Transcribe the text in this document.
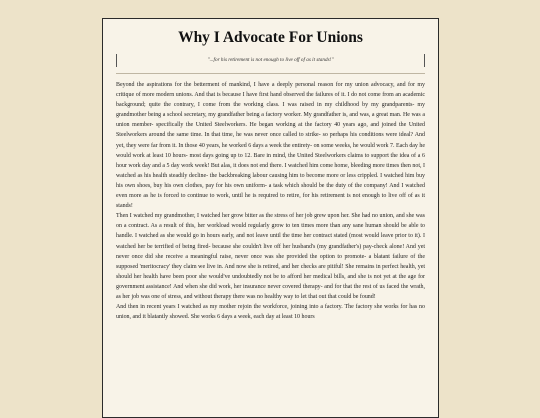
Why I Advocate For Unions
"...for his retirement is not enough to live off of as it stands!"

Beyond the aspirations for the betterment of mankind, I have a deeply personal reason for my union advocacy, and for my critique of more modern unions. And that is because I have first hand observed the failures of it. I do not come from an academic background; quite the contrary, I come from the working class. I was raised in my childhood by my grandparents- my grandmother being a school secretary, my grandfather being a factory worker. My grandfather is, and was, a great man. He was a union member- specifically the United Steelworkers. He began working at the factory 40 years ago, and joined the United Steelworkers around the same time. In that time, he was never once called to strike- so perhaps his conditions were ideal? And yet, they were far from it. In those 40 years, he worked 6 days a week the entirety- on some weeks, he would work 7. Each day he would work at least 10 hours- most days going up to 12. Bare in mind, the United Steelworkers claims to support the idea of a 6 hour work day and a 5 day work week! But alas, it does not end there. I watched him come home, bleeding more times then not, I watched as his health steadily decline- the backbreaking labour causing him to become more or less crippled. I watched him buy his own shoes, buy his own clothes, pay for his own uniform- a task which should be the duty of the company! And I watched even more as he is forced to continue to work, until he is required to retire, for his retirement is not enough to live off of as it stands!

Then I watched my grandmother, I watched her grow bitter as the stress of her job grew upon her. She had no union, and she was on a contract. As a result of this, her workload would regularly grow to ten times more than any sane human should be able to handle. I watched as she would go in hours early, and not leave until the time her contract stated (most would leave prior to it). I watched her be terrified of being fired- because she couldn't live off her husband's (my grandfather's) pay-check alone! And yet never once did she receive a meaningful raise, never once was she provided the option to promote- a blatant failure of the supposed 'meritocracy' they claim we live in. And now she is retired, and her checks are pitiful! She remains in perfect health, yet should her health have been poor she would've undoubtedly not be to afford her medical bills, and she is not yet at the age for government assistance! And when she did work, her insurance never covered therapy- and for that the rest of us faced the wrath, as her job was one of stress, and without therapy there was no healthy way to let that out that could be found!

And then in recent years I watched as my mother rejoin the workforce, joining into a factory. The factory she works for has no union, and it blatantly showed. She works 6 days a week, each day at least 10 hours
